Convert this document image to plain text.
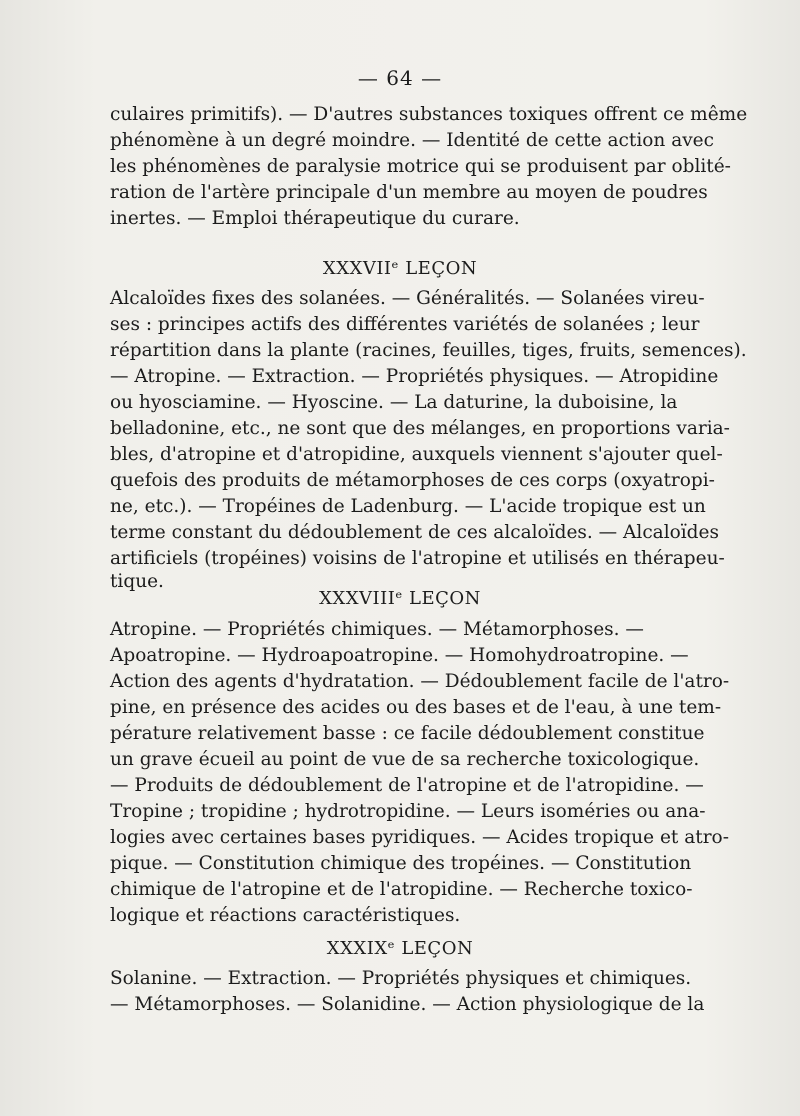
— 64 —
culaires primitifs). — D'autres substances toxiques offrent ce même
phénomène à un degré moindre. — Identité de cette action avec
les phénomènes de paralysie motrice qui se produisent par oblité-
ration de l'artère principale d'un membre au moyen de poudres
inertes. — Emploi thérapeutique du curare.
XXXVIIᵉ LEÇON
Alcaloïdes fixes des solanées. — Généralités. — Solanées vireu-
ses : principes actifs des différentes variétés de solanées ; leur
répartition dans la plante (racines, feuilles, tiges, fruits, semences).
— Atropine. — Extraction. — Propriétés physiques. — Atropidine
ou hyosciamine. — Hyoscine. — La daturine, la duboisine, la
belladonine, etc., ne sont que des mélanges, en proportions varia-
bles, d'atropine et d'atropidine, auxquels viennent s'ajouter quel-
quefois des produits de métamorphoses de ces corps (oxyatropi-
ne, etc.). — Tropéines de Ladenburg. — L'acide tropique est un
terme constant du dédoublement de ces alcaloïdes. — Alcaloïdes
artificiels (tropéines) voisins de l'atropine et utilisés en thérapeu-
tique.
XXXVIIIᵉ LEÇON
Atropine. — Propriétés chimiques. — Métamorphoses. —
Apoatropine. — Hydroapoatropine. — Homohydroatropine. —
Action des agents d'hydratation. — Dédoublement facile de l'atro-
pine, en présence des acides ou des bases et de l'eau, à une tem-
pérature relativement basse : ce facile dédoublement constitue
un grave écueil au point de vue de sa recherche toxicologique.
— Produits de dédoublement de l'atropine et de l'atropidine. —
Tropine ; tropidine ; hydrotropidine. — Leurs isoméries ou ana-
logies avec certaines bases pyridiques. — Acides tropique et atro-
pique. — Constitution chimique des tropéines. — Constitution
chimique de l'atropine et de l'atropidine. — Recherche toxico-
logique et réactions caractéristiques.
XXXIXᵉ LEÇON
Solanine. — Extraction. — Propriétés physiques et chimiques.
— Métamorphoses. — Solanidine. — Action physiologique de la
